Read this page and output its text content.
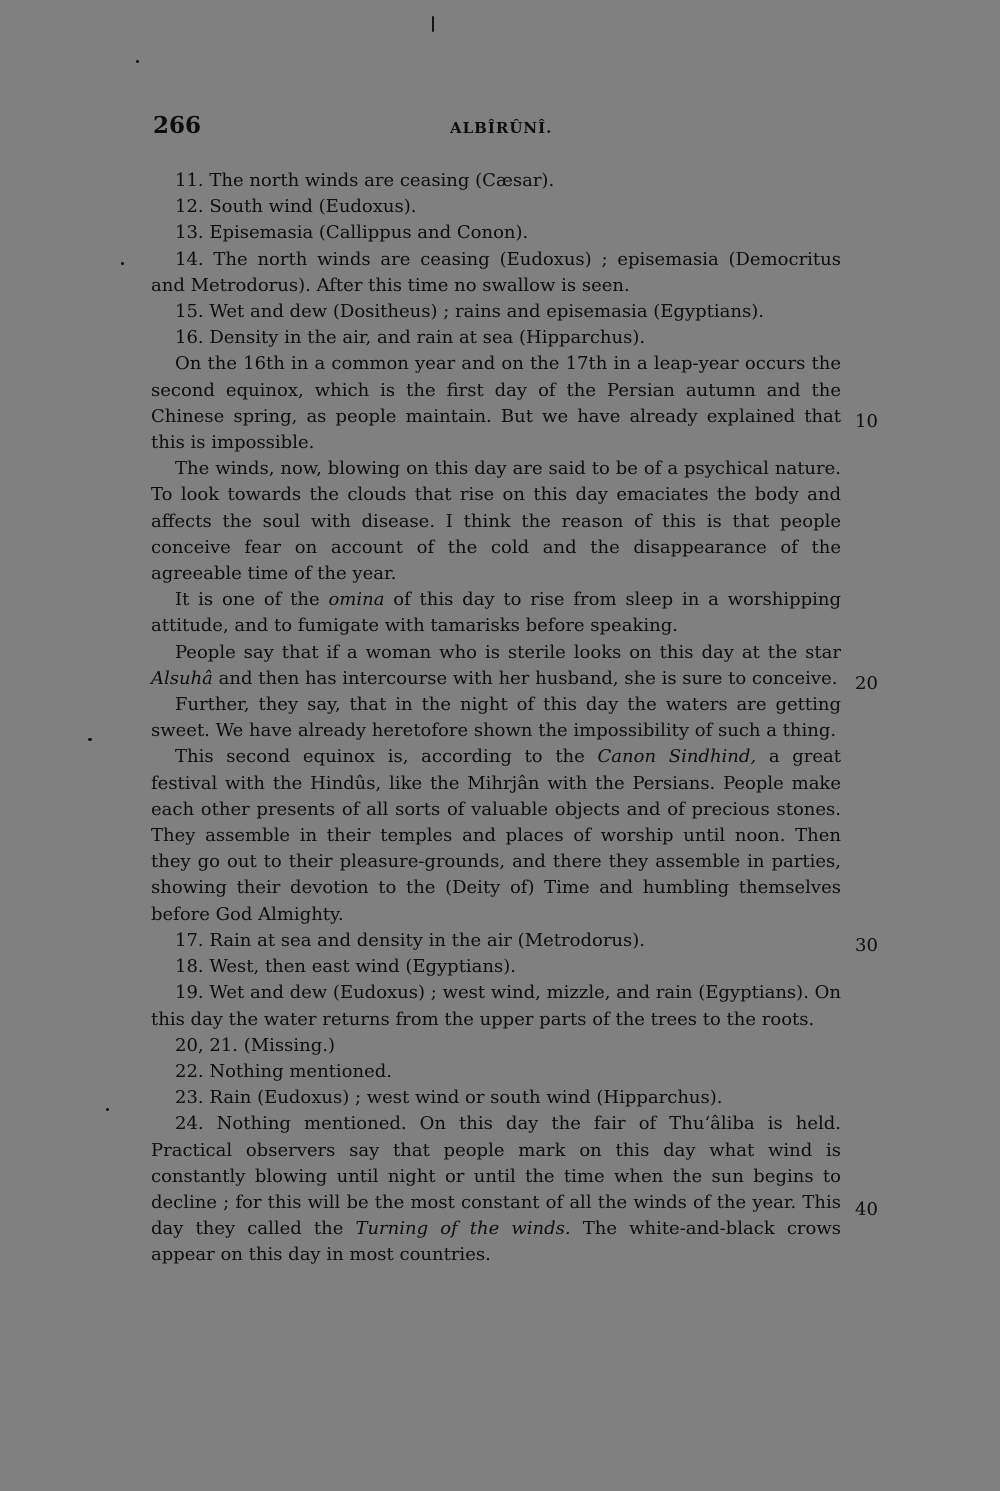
266	ALBÎRÛNÎ.

11. The north winds are ceasing (Cæsar).

12. South wind (Eudoxus).

13. Episemasia (Callippus and Conon).

14. The north winds are ceasing (Eudoxus) ; episemasia (Democritus and Metrodorus). After this time no swallow is seen.

15. Wet and dew (Dositheus) ; rains and episemasia (Egyptians).

16. Density in the air, and rain at sea (Hipparchus).

On the 16th in a common year and on the 17th in a leap-year occurs the second equinox, which is the first day of the Persian autumn and the Chinese spring, as people maintain. But we have already explained that this is impossible.

The winds, now, blowing on this day are said to be of a psychical nature. To look towards the clouds that rise on this day emaciates the body and affects the soul with disease. I think the reason of this is that people conceive fear on account of the cold and the disappearance of the agreeable time of the year.

It is one of the omina of this day to rise from sleep in a worshipping attitude, and to fumigate with tamarisks before speaking.

People say that if a woman who is sterile looks on this day at the star Alsuhâ and then has intercourse with her husband, she is sure to conceive.

Further, they say, that in the night of this day the waters are getting sweet. We have already heretofore shown the impossibility of such a thing.

This second equinox is, according to the Canon Sindhind, a great festival with the Hindûs, like the Mihrjân with the Persians. People make each other presents of all sorts of valuable objects and of precious stones. They assemble in their temples and places of worship until noon. Then they go out to their pleasure-grounds, and there they assemble in parties, showing their devotion to the (Deity of) Time and humbling themselves before God Almighty.

17. Rain at sea and density in the air (Metrodorus).

18. West, then east wind (Egyptians).

19. Wet and dew (Eudoxus) ; west wind, mizzle, and rain (Egyptians). On this day the water returns from the upper parts of the trees to the roots.

20, 21. (Missing.)

22. Nothing mentioned.

23. Rain (Eudoxus) ; west wind or south wind (Hipparchus).

24. Nothing mentioned. On this day the fair of Thu‘âliba is held. Practical observers say that people mark on this day what wind is constantly blowing until night or until the time when the sun begins to decline ; for this will be the most constant of all the winds of the year. This day they called the Turning of the winds. The white-and-black crows appear on this day in most countries.

10
20
30
40
